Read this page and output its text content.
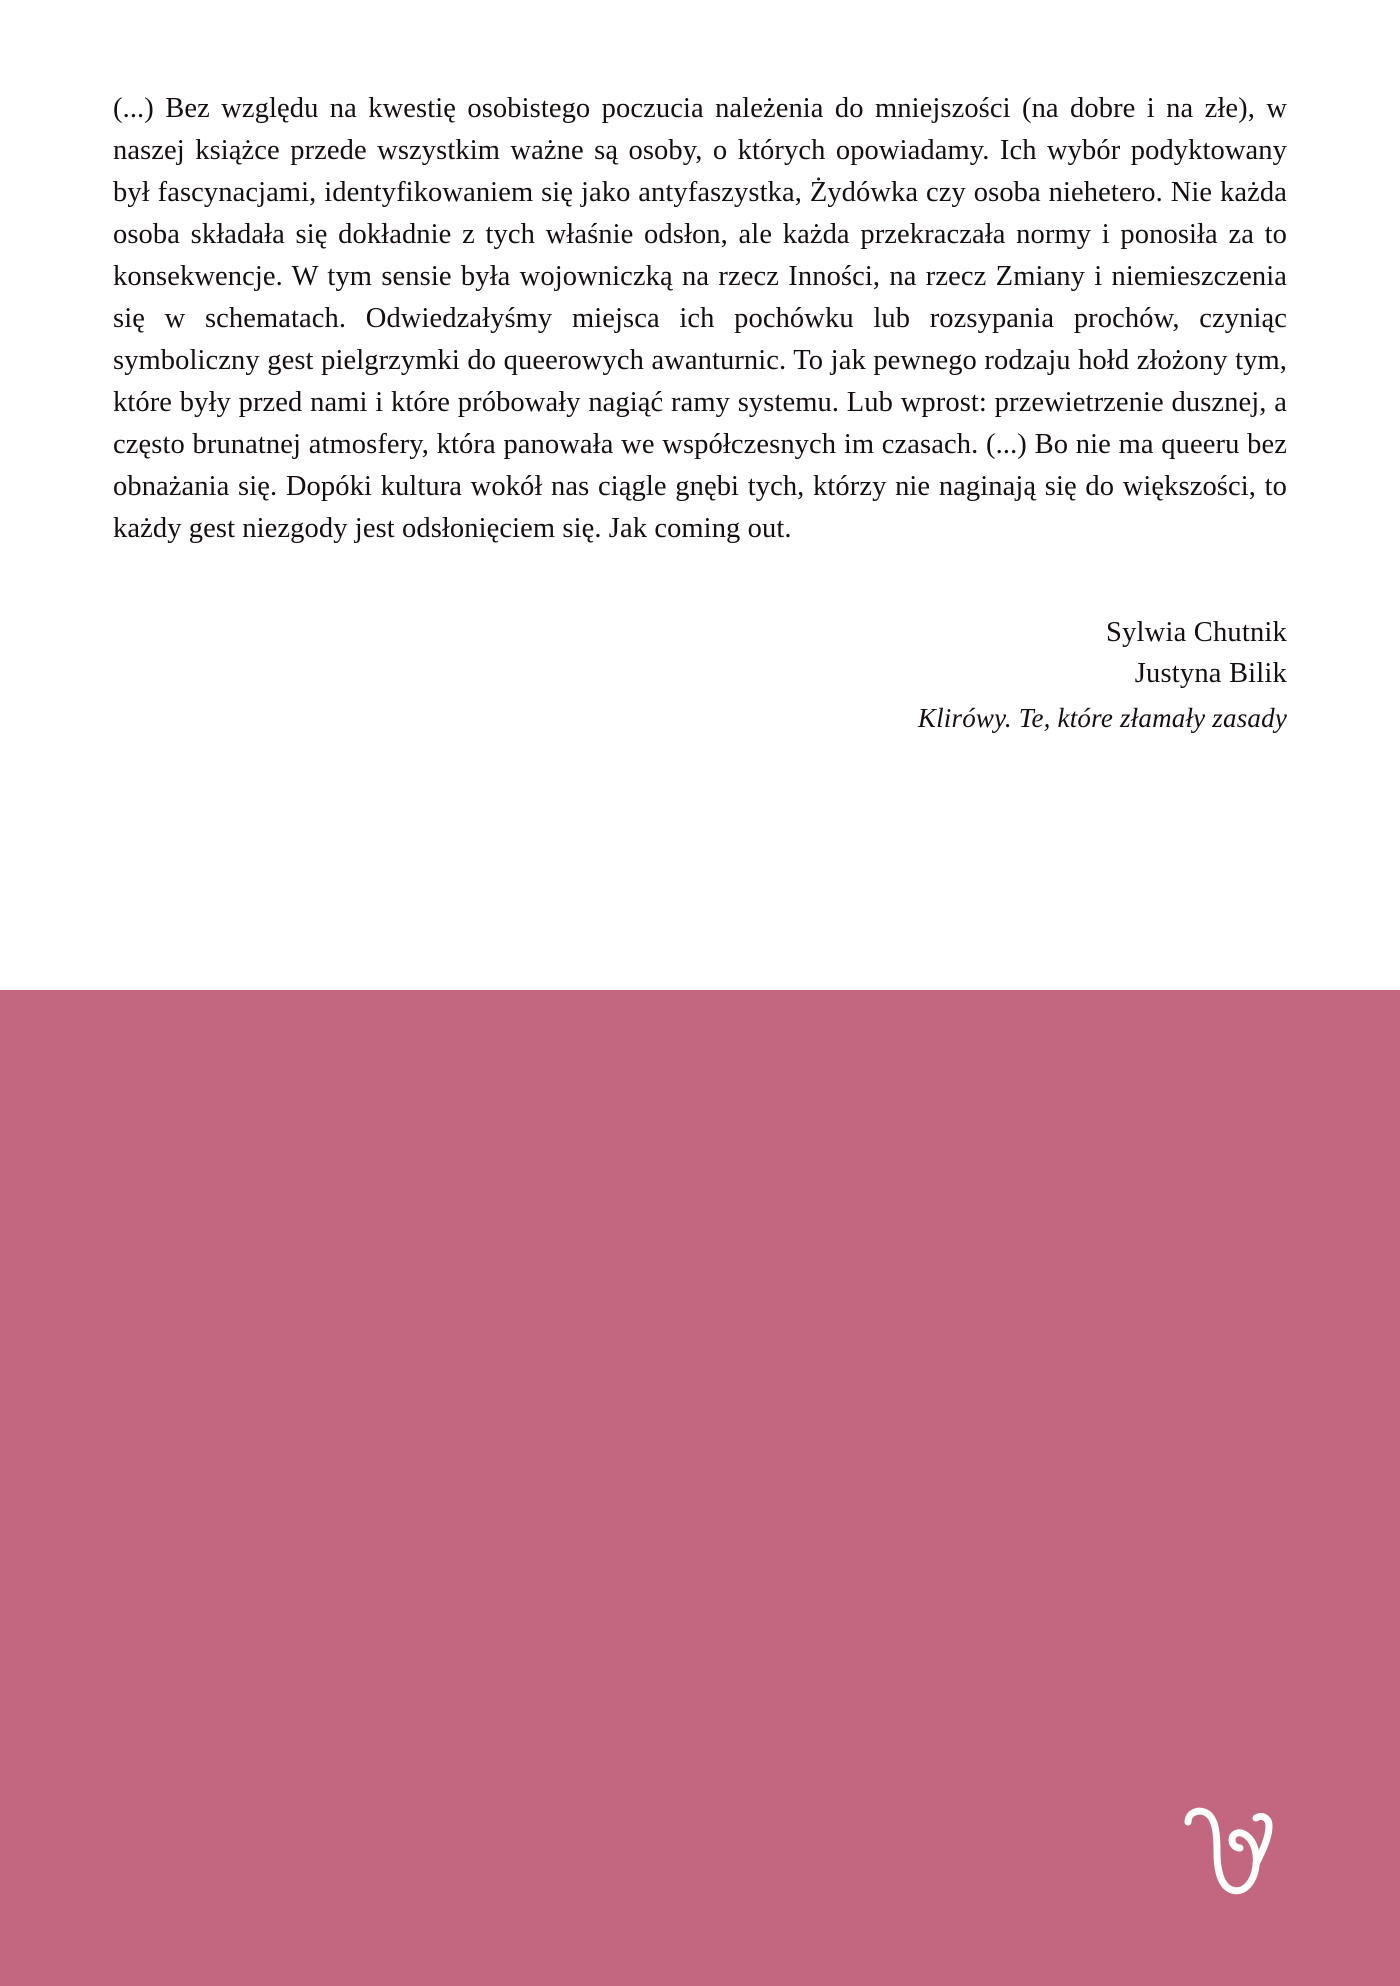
(...) Bez względu na kwestię osobistego poczucia należenia do mniejszości (na dobre i na złe), w naszej książce przede wszystkim ważne są osoby, o których opowiadamy. Ich wybór podyktowany był fascynacjami, identyfikowaniem się jako antyfaszystka, Żydówka czy osoba niehetero. Nie każda osoba składała się dokładnie z tych właśnie odsłon, ale każda przekraczała normy i ponosiła za to konsekwencje. W tym sensie była wojowniczką na rzecz Inności, na rzecz Zmiany i niemieszczenia się w schematach. Odwiedzałyśmy miejsca ich pochówku lub rozsypania prochów, czyniąc symboliczny gest pielgrzymki do queerowych awanturnic. To jak pewnego rodzaju hołd złożony tym, które były przed nami i które próbowały nagiąć ramy systemu. Lub wprost: przewietrzenie dusznej, a często brunatnej atmosfery, która panowała we współczesnych im czasach. (...) Bo nie ma queeru bez obnażania się. Dopóki kultura wokół nas ciągle gnębi tych, którzy nie naginają się do większości, to każdy gest niezgody jest odsłonięciem się. Jak coming out.

Sylwia Chutnik
Justyna Bilik
Klirówy. Te, które złamały zasady
